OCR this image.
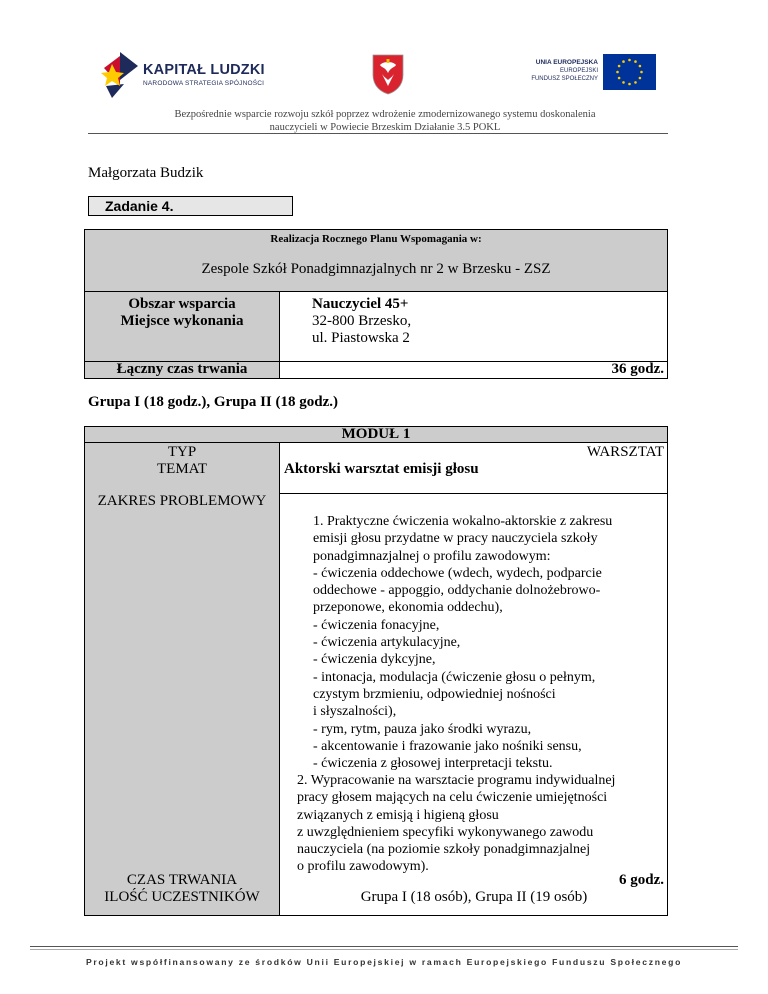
KAPITAŁ LUDZKI
NARODOWA STRATEGIA SPÓJNOŚCI
UNIA EUROPEJSKA
EUROPEJSKI
FUNDUSZ SPOŁECZNY
Bezpośrednie wsparcie rozwoju szkół poprzez wdrożenie zmodernizowanego systemu doskonalenia
nauczycieli w Powiecie Brzeskim Działanie 3.5 POKL
Małgorzata Budzik
Zadanie 4.
Realizacja Rocznego Planu Wspomagania w:
Zespole Szkół Ponadgimnazjalnych nr 2 w Brzesku - ZSZ
Obszar wsparcia
Miejsce wykonania
Nauczyciel 45+
32-800 Brzesko,
ul. Piastowska 2
Łączny czas trwania	36 godz.
Grupa I (18 godz.), Grupa II (18 godz.)
MODUŁ 1
TYP
TEMAT
WARSZTAT
Aktorski warsztat emisji głosu
ZAKRES PROBLEMOWY
1. Praktyczne ćwiczenia wokalno-aktorskie z zakresu
emisji głosu przydatne w pracy nauczyciela szkoły
ponadgimnazjalnej o profilu zawodowym:
- ćwiczenia oddechowe (wdech, wydech, podparcie
oddechowe - appoggio, oddychanie dolnożebrowo-
przeponowe, ekonomia oddechu),
- ćwiczenia fonacyjne,
- ćwiczenia artykulacyjne,
- ćwiczenia dykcyjne,
- intonacja, modulacja (ćwiczenie głosu o pełnym,
czystym brzmieniu, odpowiedniej nośności
i słyszalności),
- rym, rytm, pauza jako środki wyrazu,
- akcentowanie i frazowanie jako nośniki sensu,
- ćwiczenia z głosowej interpretacji tekstu.
2. Wypracowanie na warsztacie programu indywidualnej
pracy głosem mających na celu ćwiczenie umiejętności
związanych z emisją i higieną głosu
z uwzględnieniem specyfiki wykonywanego zawodu
nauczyciela (na poziomie szkoły ponadgimnazjalnej
o profilu zawodowym).
CZAS TRWANIA
ILOŚĆ UCZESTNIKÓW
6 godz.
Grupa I (18 osób), Grupa II (19 osób)
Projekt współfinansowany ze środków Unii Europejskiej w ramach Europejskiego Funduszu Społecznego
